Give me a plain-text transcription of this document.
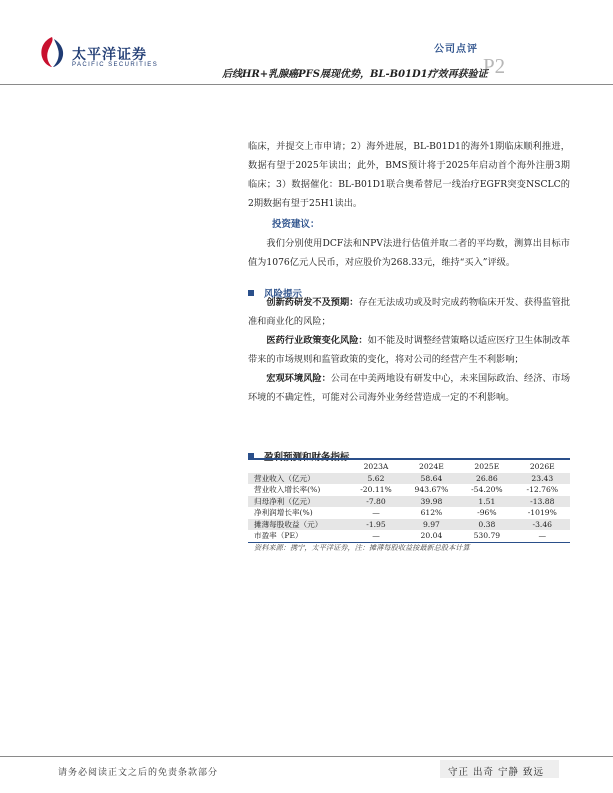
太平洋证券
PACIFIC SECURITIES
公司点评
P2
后线HR+乳腺癌PFS展现优势，BL-B01D1疗效再获验证
临床，并提交上市申请；2）海外进展，BL-B01D1的海外1期临床顺利推进，数据有望于2025年读出；此外，BMS预计将于2025年启动首个海外注册3期临床；3）数据催化：BL-B01D1联合奥希替尼一线治疗EGFR突变NSCLC的2期数据有望于25H1读出。
投资建议：
我们分别使用DCF法和NPV法进行估值并取二者的平均数，测算出目标市值为1076亿元人民币，对应股价为268.33元，维持“买入”评级。
风险提示
创新药研发不及预期：存在无法成功或及时完成药物临床开发、获得监管批准和商业化的风险；
医药行业政策变化风险：如不能及时调整经营策略以适应医疗卫生体制改革带来的市场规则和监管政策的变化，将对公司的经营产生不利影响；
宏观环境风险：公司在中美两地设有研发中心，未来国际政治、经济、市场环境的不确定性，可能对公司海外业务经营造成一定的不利影响。
	2023A	2024E	2025E	2026E
营业收入（亿元）	5.62	58.64	26.86	23.43
营业收入增长率(%)	-20.11%	943.67%	-54.20%	-12.76%
归母净利（亿元）	-7.80	39.98	1.51	-13.88
净利润增长率(%)	—	612%	-96%	-1019%
摊薄每股收益（元）	-1.95	9.97	0.38	-3.46
市盈率（PE）	—	20.04	530.79	—
资料来源：携宁，太平洋证券，注：摊薄每股收益按最新总股本计算
请务必阅读正文之后的免责条款部分	守正 出奇 宁静 致远
